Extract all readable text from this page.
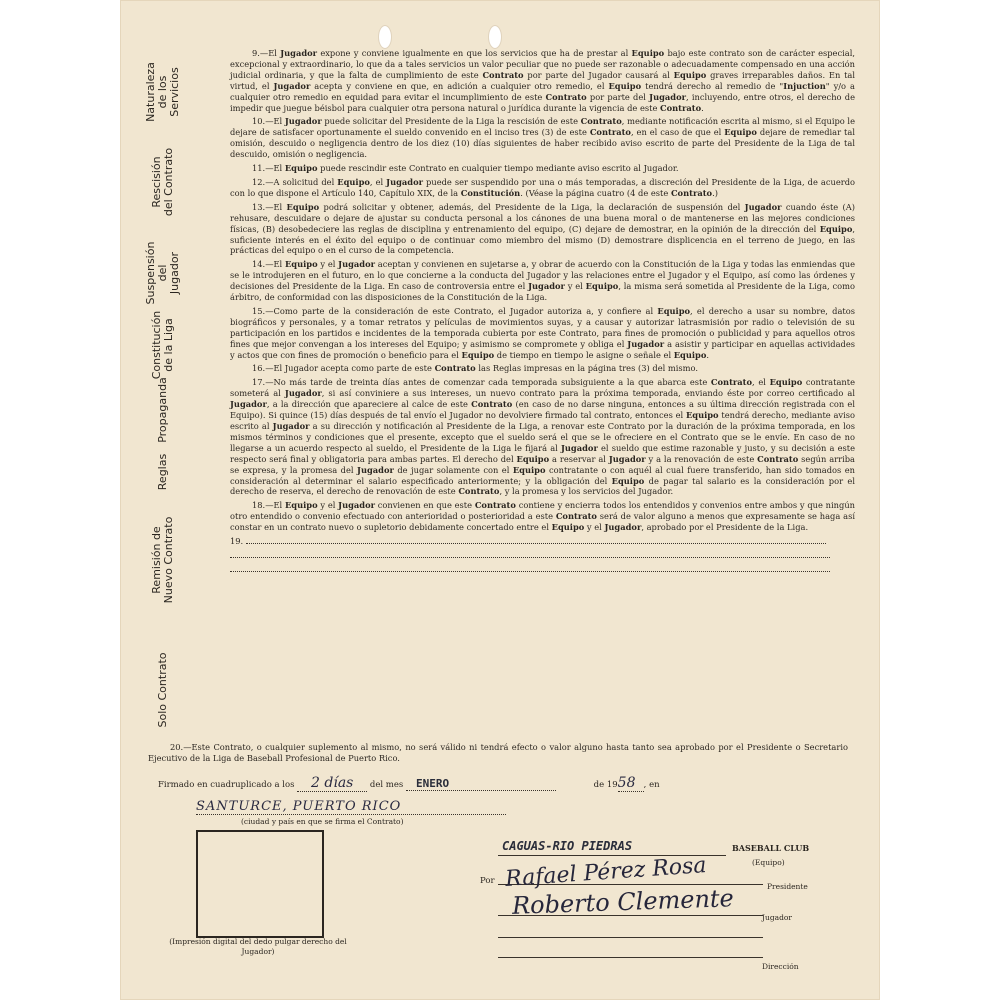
Naturaleza
de los
Servicios
Rescisión
del Contrato
Suspensión
del
Jugador
Constitución
de la Liga
Propaganda
Reglas
Remisión de
Nuevo Contrato
Solo Contrato

9.—El Jugador expone y conviene igualmente en que los servicios que ha de prestar al Equipo bajo este contrato son de carácter especial, excepcional y extraordinario, lo que da a tales servicios un valor peculiar que no puede ser razonable o adecuadamente compensado en una acción judicial ordinaria, y que la falta de cumplimiento de este Contrato por parte del Jugador causará al Equipo graves irreparables daños. En tal virtud, el Jugador acepta y conviene en que, en adición a cualquier otro remedio, el Equipo tendrá derecho al remedio de "Injuction" y/o a cualquier otro remedio en equidad para evitar el incumplimiento de este Contrato por parte del Jugador, incluyendo, entre otros, el derecho de impedir que juegue béisbol para cualquier otra persona natural o jurídica durante la vigencia de este Contrato.

10.—El Jugador puede solicitar del Presidente de la Liga la rescisión de este Contrato, mediante notificación escrita al mismo, si el Equipo le dejare de satisfacer oportunamente el sueldo convenido en el inciso tres (3) de este Contrato, en el caso de que el Equipo dejare de remediar tal omisión, descuido o negligencia dentro de los diez (10) días siguientes de haber recibido aviso escrito de parte del Presidente de la Liga de tal descuido, omisión o negligencia.

11.—El Equipo puede rescindir este Contrato en cualquier tiempo mediante aviso escrito al Jugador.

12.—A solicitud del Equipo, el Jugador puede ser suspendido por una o más temporadas, a discreción del Presidente de la Liga, de acuerdo con lo que dispone el Artículo 140, Capítulo XIX, de la Constitución. (Véase la página cuatro (4 de este Contrato.)

13.—El Equipo podrá solicitar y obtener, además, del Presidente de la Liga, la declaración de suspensión del Jugador cuando éste (A) rehusare, descuidare o dejare de ajustar su conducta personal a los cánones de una buena moral o de mantenerse en las mejores condiciones físicas, (B) desobedeciere las reglas de disciplina y entrenamiento del equipo, (C) dejare de demostrar, en la opinión de la dirección del Equipo, suficiente interés en el éxito del equipo o de continuar como miembro del mismo (D) demostrare displicencia en el terreno de juego, en las prácticas del equipo o en el curso de la competencia.

14.—El Equipo y el Jugador aceptan y convienen en sujetarse a, y obrar de acuerdo con la Constitución de la Liga y todas las enmiendas que se le introdujeren en el futuro, en lo que concierne a la conducta del Jugador y las relaciones entre el Jugador y el Equipo, así como las órdenes y decisiones del Presidente de la Liga. En caso de controversia entre el Jugador y el Equipo, la misma será sometida al Presidente de la Liga, como árbitro, de conformidad con las disposiciones de la Constitución de la Liga.

15.—Como parte de la consideración de este Contrato, el Jugador autoriza a, y confiere al Equipo, el derecho a usar su nombre, datos biográficos y personales, y a tomar retratos y películas de movimientos suyas, y a causar y autorizar latrasmisión por radio o televisión de su participación en los partidos e incidentes de la temporada cubierta por este Contrato, para fines de promoción o publicidad y para aquellos otros fines que mejor convengan a los intereses del Equipo; y asimismo se compromete y obliga el Jugador a asistir y participar en aquellas actividades y actos que con fines de promoción o beneficio para el Equipo de tiempo en tiempo le asigne o señale el Equipo.

16.—El Jugador acepta como parte de este Contrato las Reglas impresas en la página tres (3) del mismo.

17.—No más tarde de treinta días antes de comenzar cada temporada subsiguiente a la que abarca este Contrato, el Equipo contratante someterá al Jugador, si así conviniere a sus intereses, un nuevo contrato para la próxima temporada, enviando éste por correo certificado al Jugador, a la dirección que apareciere al calce de este Contrato (en caso de no darse ninguna, entonces a su última dirección registrada con el Equipo). Si quince (15) días después de tal envío el Jugador no devolviere firmado tal contrato, entonces el Equipo tendrá derecho, mediante aviso escrito al Jugador a su dirección y notificación al Presidente de la Liga, a renovar este Contrato por la duración de la próxima temporada, en los mismos términos y condiciones que el presente, excepto que el sueldo será el que se le ofreciere en el Contrato que se le envíe. En caso de no llegarse a un acuerdo respecto al sueldo, el Presidente de la Liga le fijará al Jugador el sueldo que estime razonable y justo, y su decisión a este respecto será final y obligatoria para ambas partes. El derecho del Equipo a reservar al Jugador y a la renovación de este Contrato según arriba se expresa, y la promesa del Jugador de jugar solamente con el Equipo contratante o con aquél al cual fuere transferido, han sido tomados en consideración al determinar el salario especificado anteriormente; y la obligación del Equipo de pagar tal salario es la consideración por el derecho de reserva, el derecho de renovación de este Contrato, y la promesa y los servicios del Jugador.

18.—El Equipo y el Jugador convienen en que este Contrato contiene y encierra todos los entendidos y convenios entre ambos y que ningún otro entendido o convenio efectuado con anterioridad o posterioridad a este Contrato será de valor alguno a menos que expresamente se haga así constar en un contrato nuevo o supletorio debidamente concertado entre el Equipo y el Jugador, aprobado por el Presidente de la Liga.

19.

20.—Este Contrato, o cualquier suplemento al mismo, no será válido ni tendrá efecto o valor alguno hasta tanto sea aprobado por el Presidente o Secretario Ejecutivo de la Liga de Baseball Profesional de Puerto Rico.

Firmado en cuadruplicado a los 2 días del mes ENERO	de 1958 , en
SANTURCE, PUERTO RICO
(ciudad y país en que se firma el Contrato)
(Impresión digital del dedo pulgar derecho del Jugador)
CAGUAS-RIO PIEDRAS	BASEBALL CLUB
(Equipo)
Por Rafael Pérez Rosa	Presidente
Roberto Clemente	Jugador
Dirección
